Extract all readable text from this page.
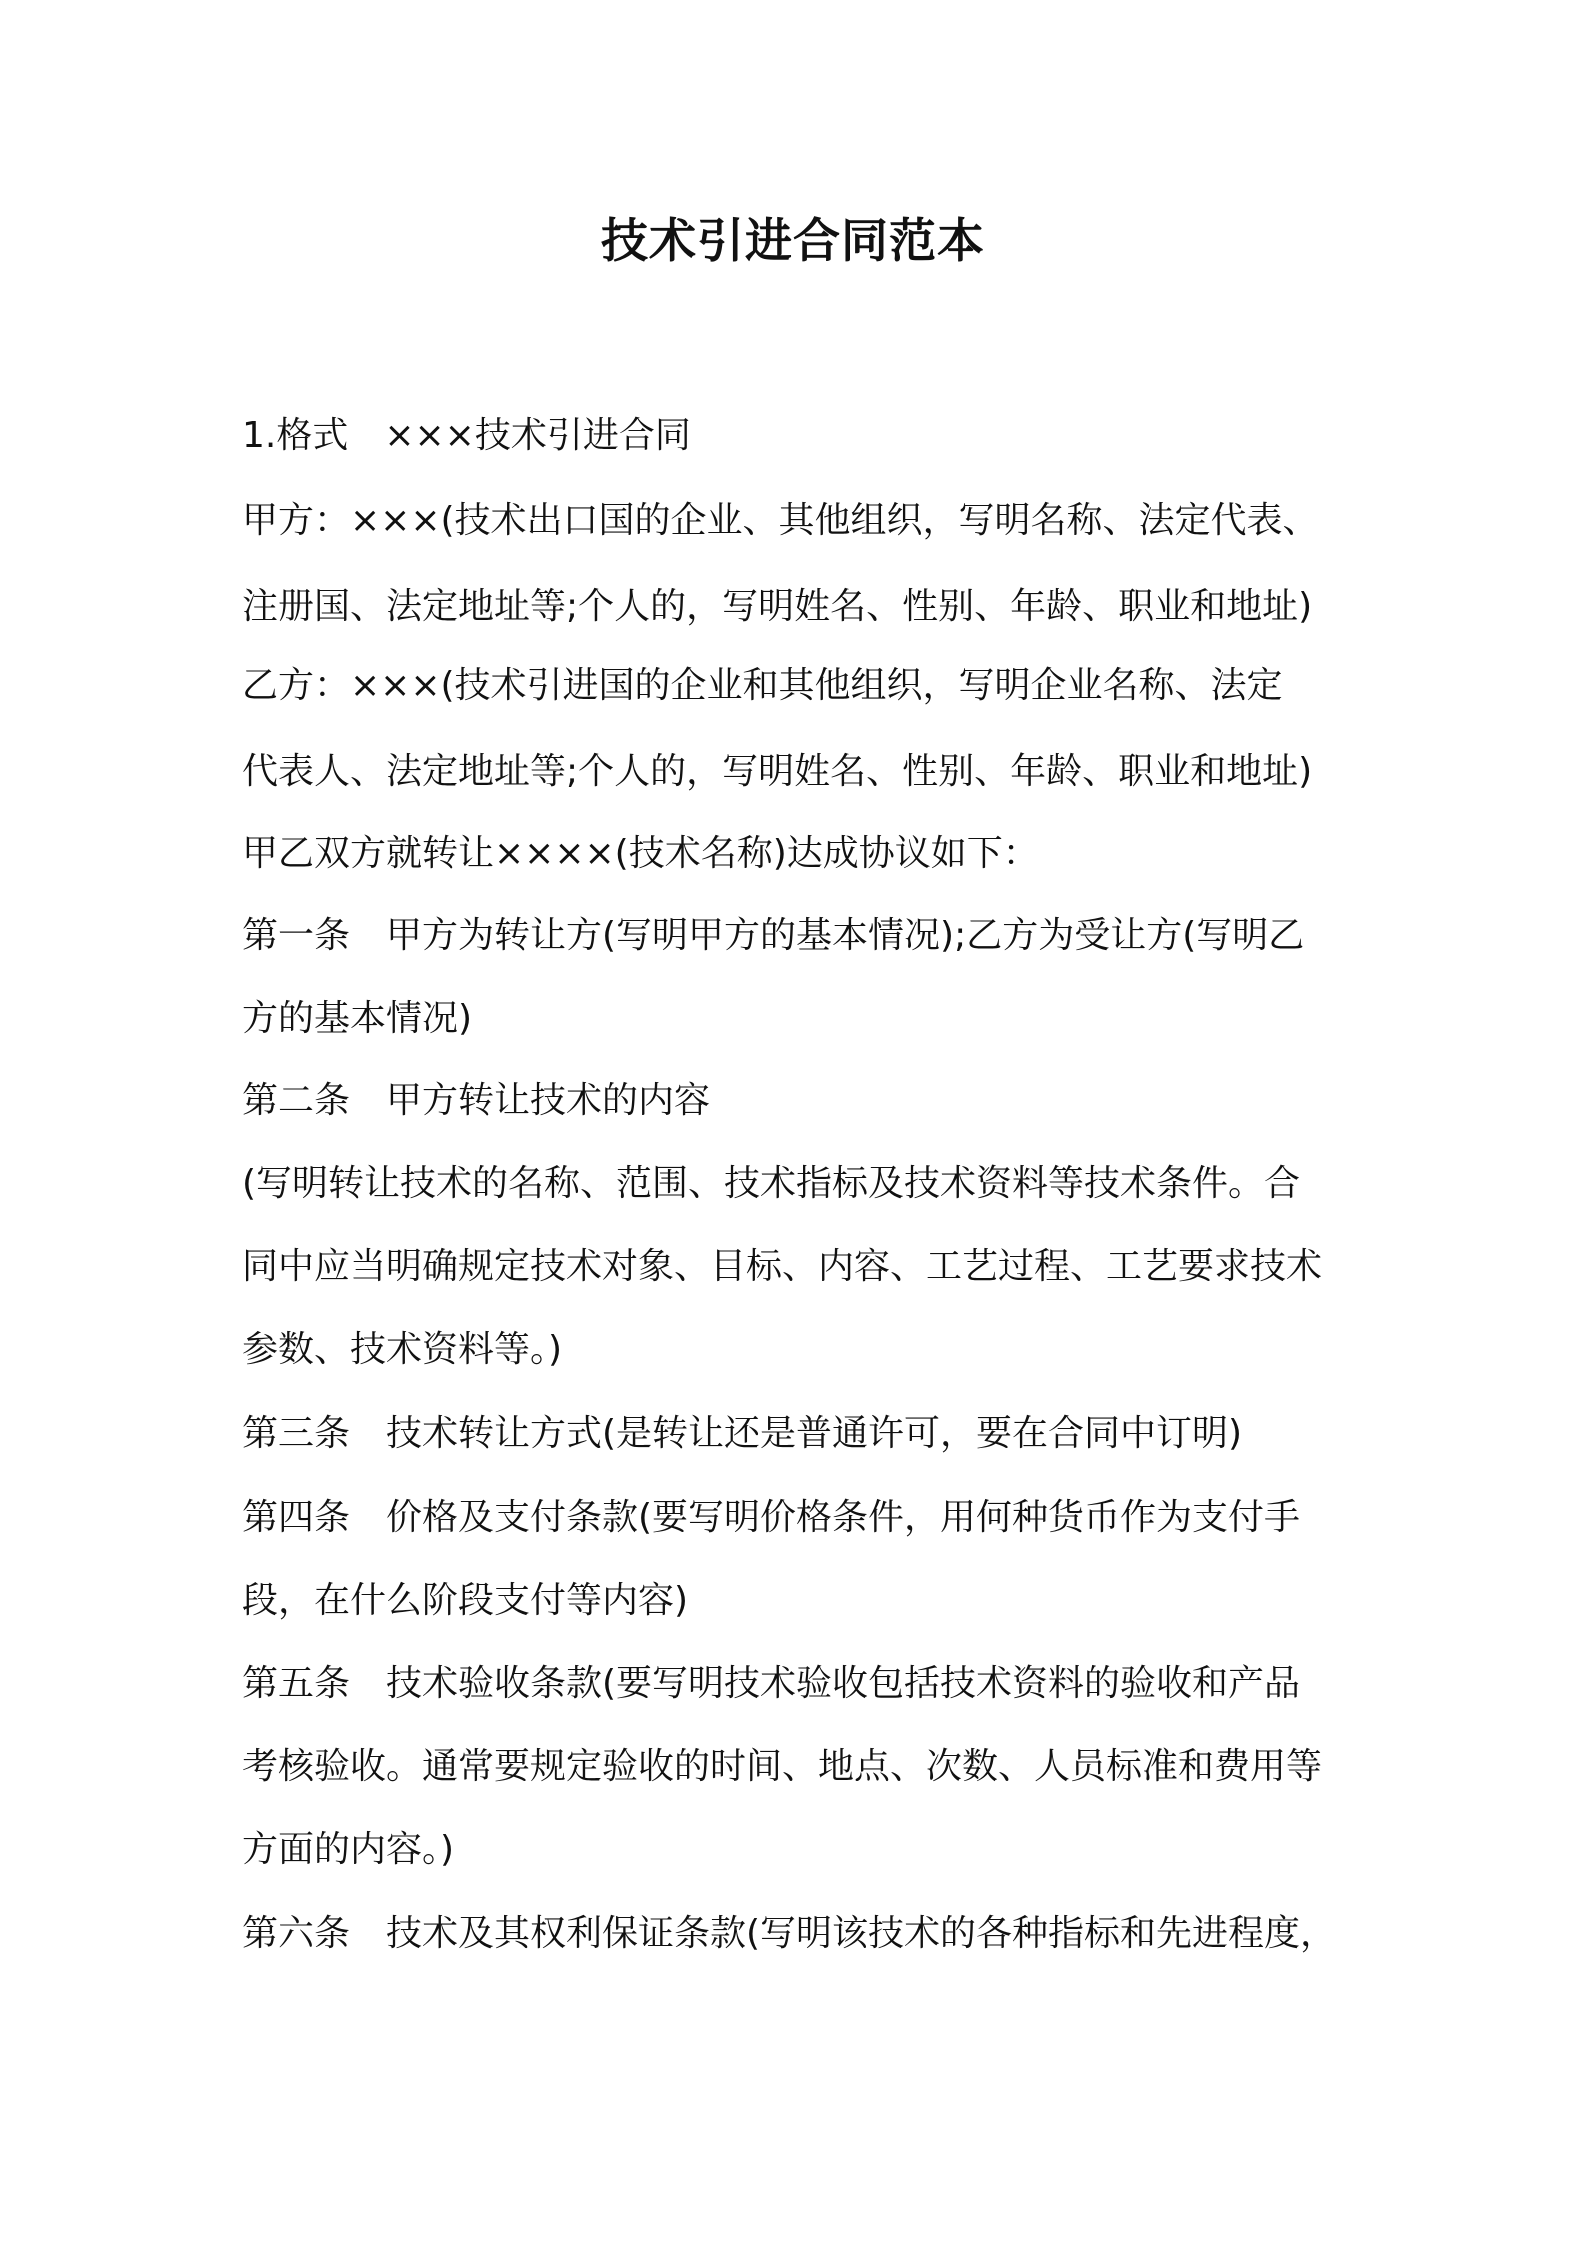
技术引进合同范本
1.格式　×××技术引进合同
甲方：×××(技术出口国的企业、其他组织，写明名称、法定代表、
注册国、法定地址等;个人的，写明姓名、性别、年龄、职业和地址)
乙方：×××(技术引进国的企业和其他组织，写明企业名称、法定
代表人、法定地址等;个人的，写明姓名、性别、年龄、职业和地址)
甲乙双方就转让××××(技术名称)达成协议如下：
第一条　甲方为转让方(写明甲方的基本情况);乙方为受让方(写明乙
方的基本情况)
第二条　甲方转让技术的内容
(写明转让技术的名称、范围、技术指标及技术资料等技术条件。合
同中应当明确规定技术对象、目标、内容、工艺过程、工艺要求技术
参数、技术资料等。)
第三条　技术转让方式(是转让还是普通许可，要在合同中订明)
第四条　价格及支付条款(要写明价格条件，用何种货币作为支付手
段，在什么阶段支付等内容)
第五条　技术验收条款(要写明技术验收包括技术资料的验收和产品
考核验收。通常要规定验收的时间、地点、次数、人员标准和费用等
方面的内容。)
第六条　技术及其权利保证条款(写明该技术的各种指标和先进程度，
